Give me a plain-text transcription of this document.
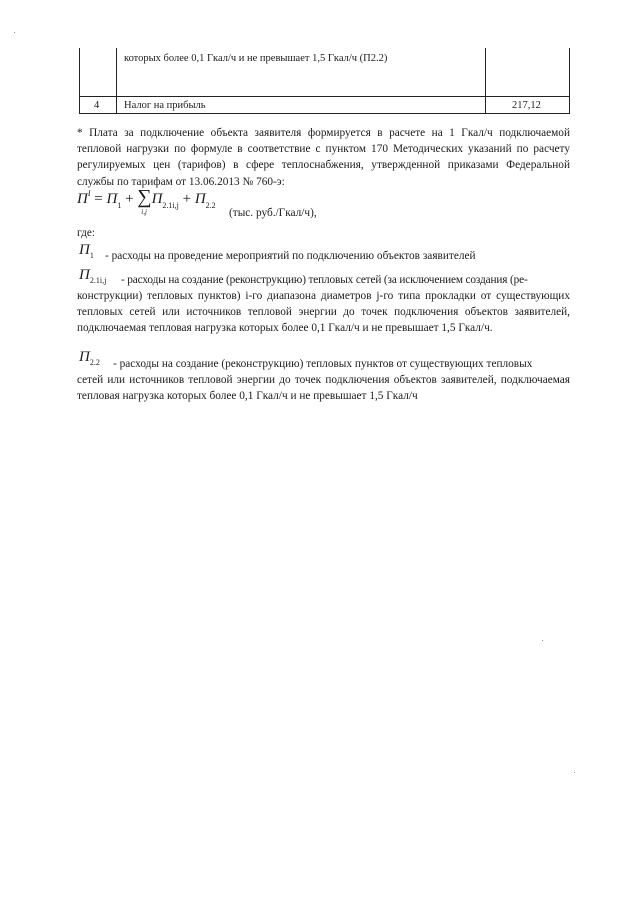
которых более 0,1 Гкал/ч и не превышает 1,5 Гкал/ч (П2.2)
4 Налог на прибыль	217,12
* Плата за подключение объекта заявителя формируется в расчете на 1 Гкал/ч подключаемой тепловой нагрузки по формуле в соответствие с пунктом 170 Методических указаний по расчету регулируемых цен (тарифов) в сфере теплоснабжения, утвержденной приказами Федеральной службы по тарифам от 13.06.2013 № 760-э:
$П^I = П_1$ + ∑
i,j
$П_{2.1i,j} + П_{2.2}$
(тыс. руб./Гкал/ч),
где:
$П_1$ - расходы на проведение мероприятий по подключению объектов заявителей
$П_{2.1i,j}$ - расходы на создание (реконструкцию) тепловых сетей (за исключением создания (ре-
конструкции) тепловых пунктов) i-го диапазона диаметров j-го типа прокладки от существующих тепловых сетей или источников тепловой энергии до точек подключения объектов заявителей, подключаемая тепловая нагрузка которых более 0,1 Гкал/ч и не превышает 1,5 Гкал/ч.
$П_{2.2}$ - расходы на создание (реконструкцию) тепловых пунктов от существующих тепловых
сетей или источников тепловой энергии до точек подключения объектов заявителей, подключаемая тепловая нагрузка которых более 0,1 Гкал/ч и не превышает 1,5 Гкал/ч
